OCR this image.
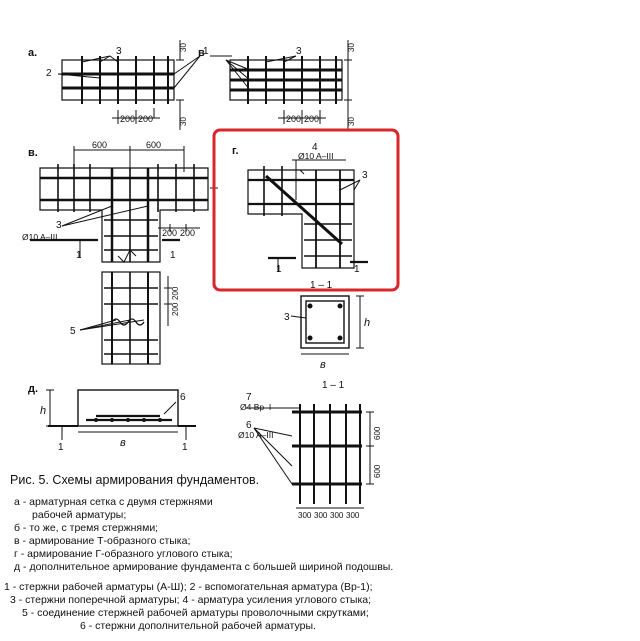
а.
2
3	1
200 200
30
30
в	3
200 200
30
30
в.
600	600
3
Ø10 A–III	200 200
1	1
5
200
200
г.	4
Ø10 A–III
3
1	1
1 – 1
3	h
в
д.
h
6
1	1
в
1 – 1
7
Ø4 Bp–I
6
Ø10 A–III	600
600
300 300 300 300
Рис. 5. Схемы армирования фундаментов.
а - арматурная сетка с двумя стержнями
рабочей арматуры;
б - то же, с тремя стержнями;
в - армирование Т-образного стыка;
г - армирование Г-образного углового стыка;
д - дополнительное армирование фундамента с большей шириной подошвы.
1 - стержни рабочей арматуры (А-Ш); 2 - вспомогательная арматура (Вр-1);
3 - стержни поперечной арматуры; 4 - арматура усиления углового стыка;
5 - соединение стержней рабочей арматуры проволочными скрутками;
6 - стержни дополнительной рабочей арматуры.
